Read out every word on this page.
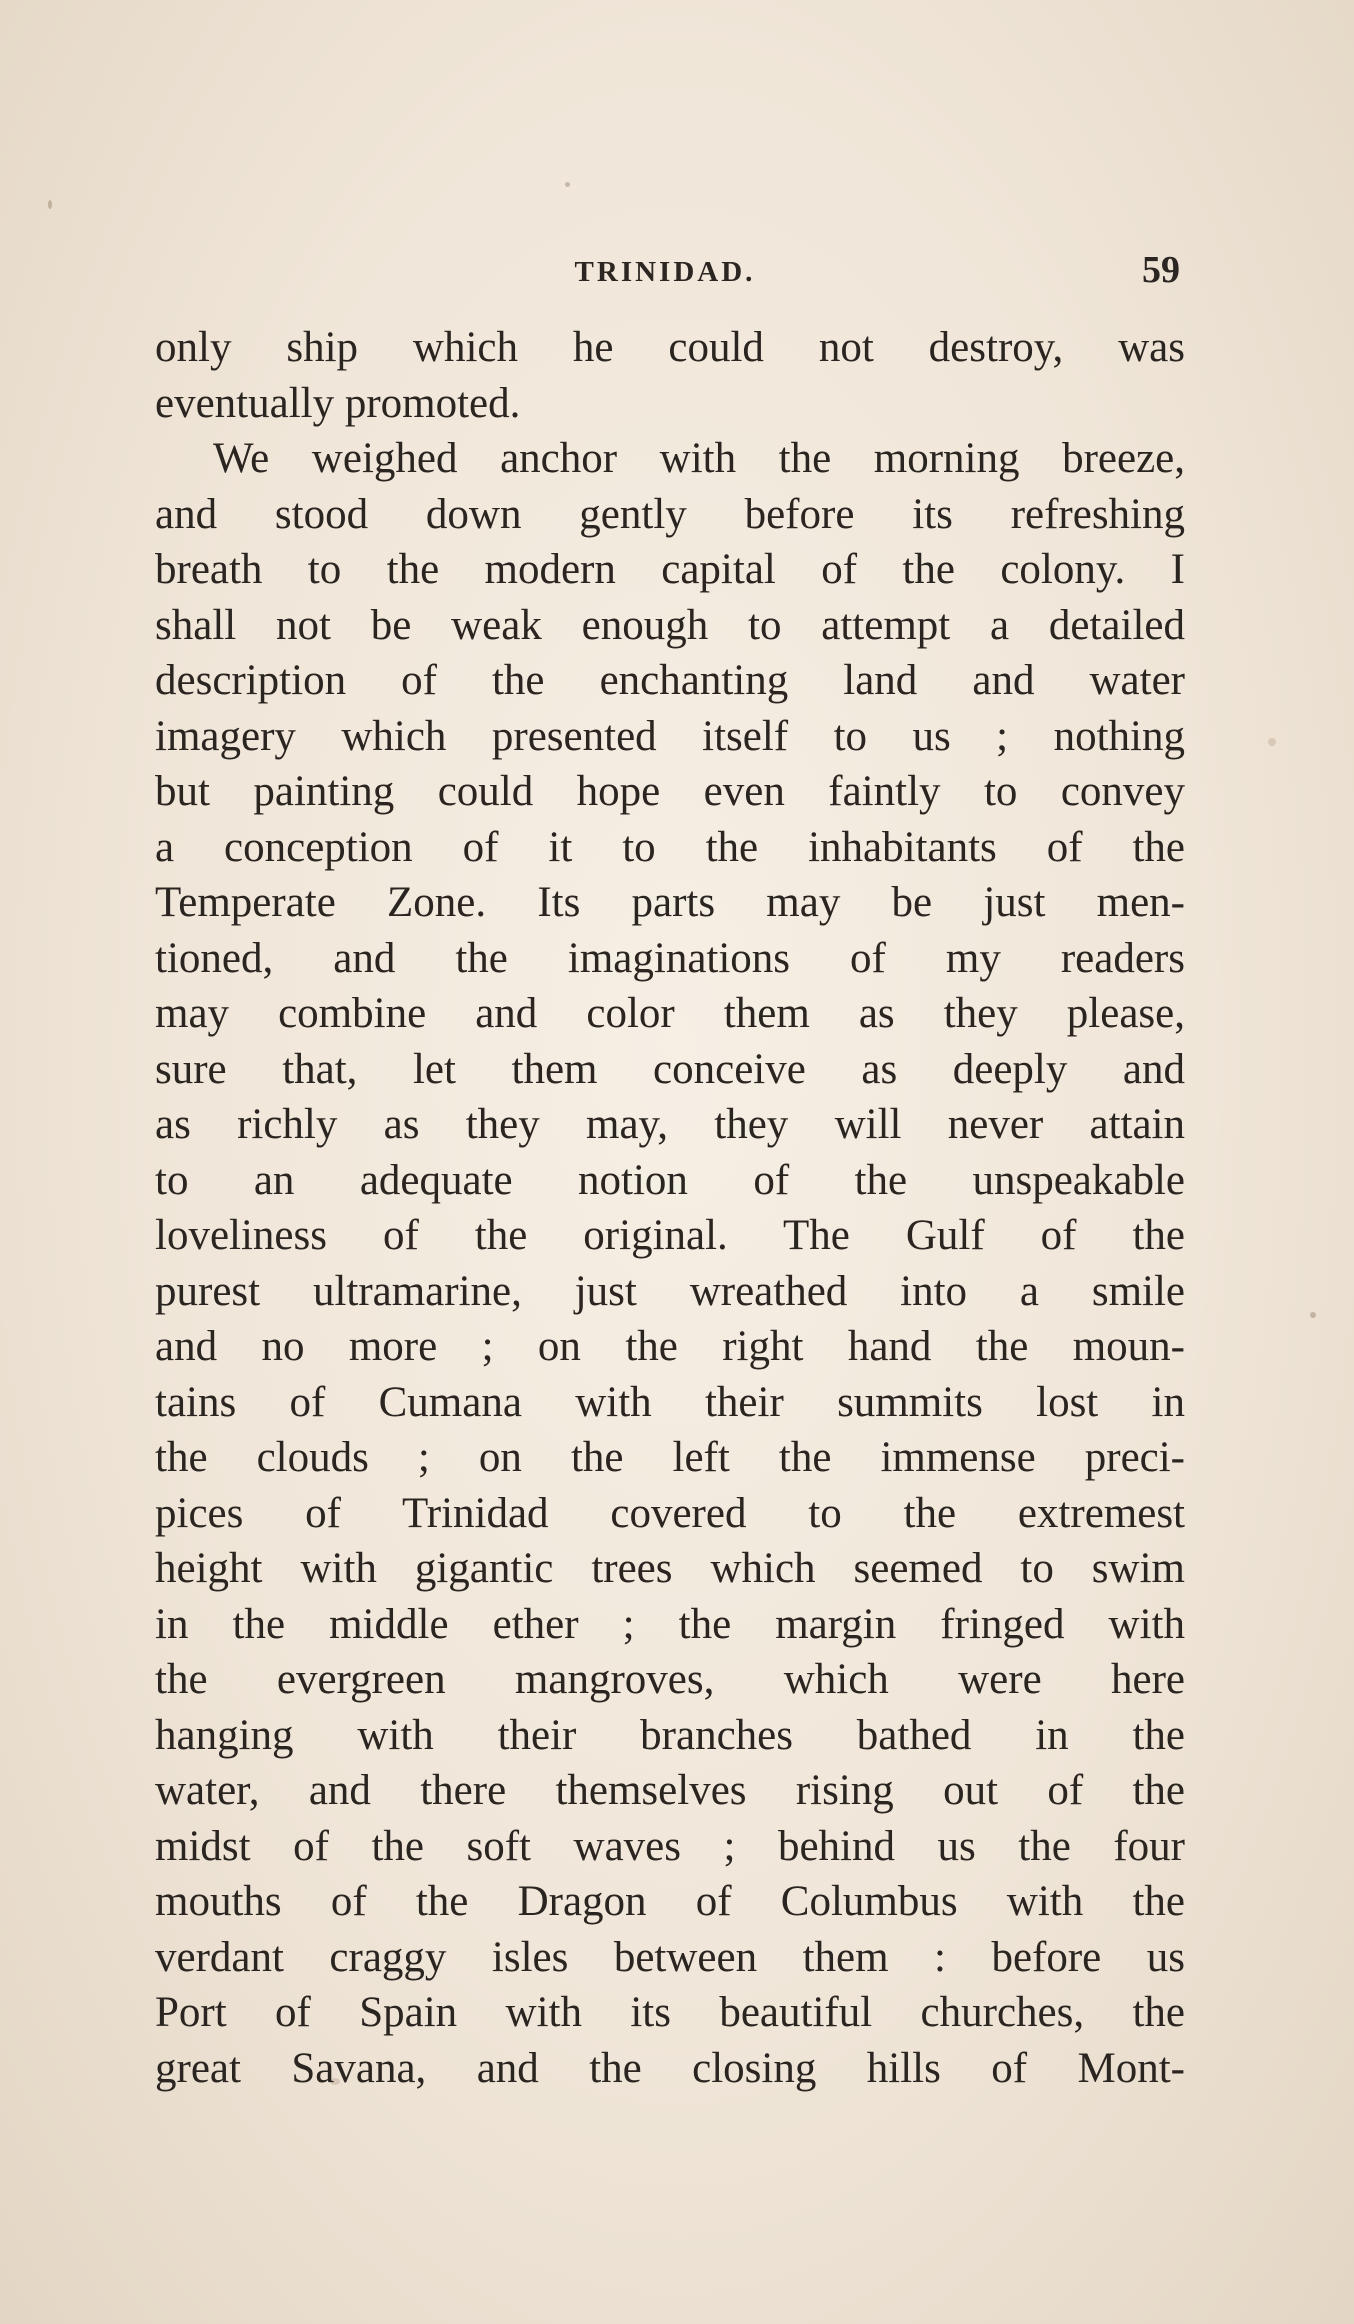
TRINIDAD.	59
only ship which he could not destroy, was
eventually promoted.
We weighed anchor with the morning breeze,
and stood down gently before its refreshing
breath to the modern capital of the colony. I
shall not be weak enough to attempt a detailed
description of the enchanting land and water
imagery which presented itself to us ; nothing
but painting could hope even faintly to convey
a conception of it to the inhabitants of the
Temperate Zone. Its parts may be just men-
tioned, and the imaginations of my readers
may combine and color them as they please,
sure that, let them conceive as deeply and
as richly as they may, they will never attain
to an adequate notion of the unspeakable
loveliness of the original. The Gulf of the
purest ultramarine, just wreathed into a smile
and no more ; on the right hand the moun-
tains of Cumana with their summits lost in
the clouds ; on the left the immense preci-
pices of Trinidad covered to the extremest
height with gigantic trees which seemed to swim
in the middle ether ; the margin fringed with
the evergreen mangroves, which were here
hanging with their branches bathed in the
water, and there themselves rising out of the
midst of the soft waves ; behind us the four
mouths of the Dragon of Columbus with the
verdant craggy isles between them : before us
Port of Spain with its beautiful churches, the
great Savana, and the closing hills of Mont-
